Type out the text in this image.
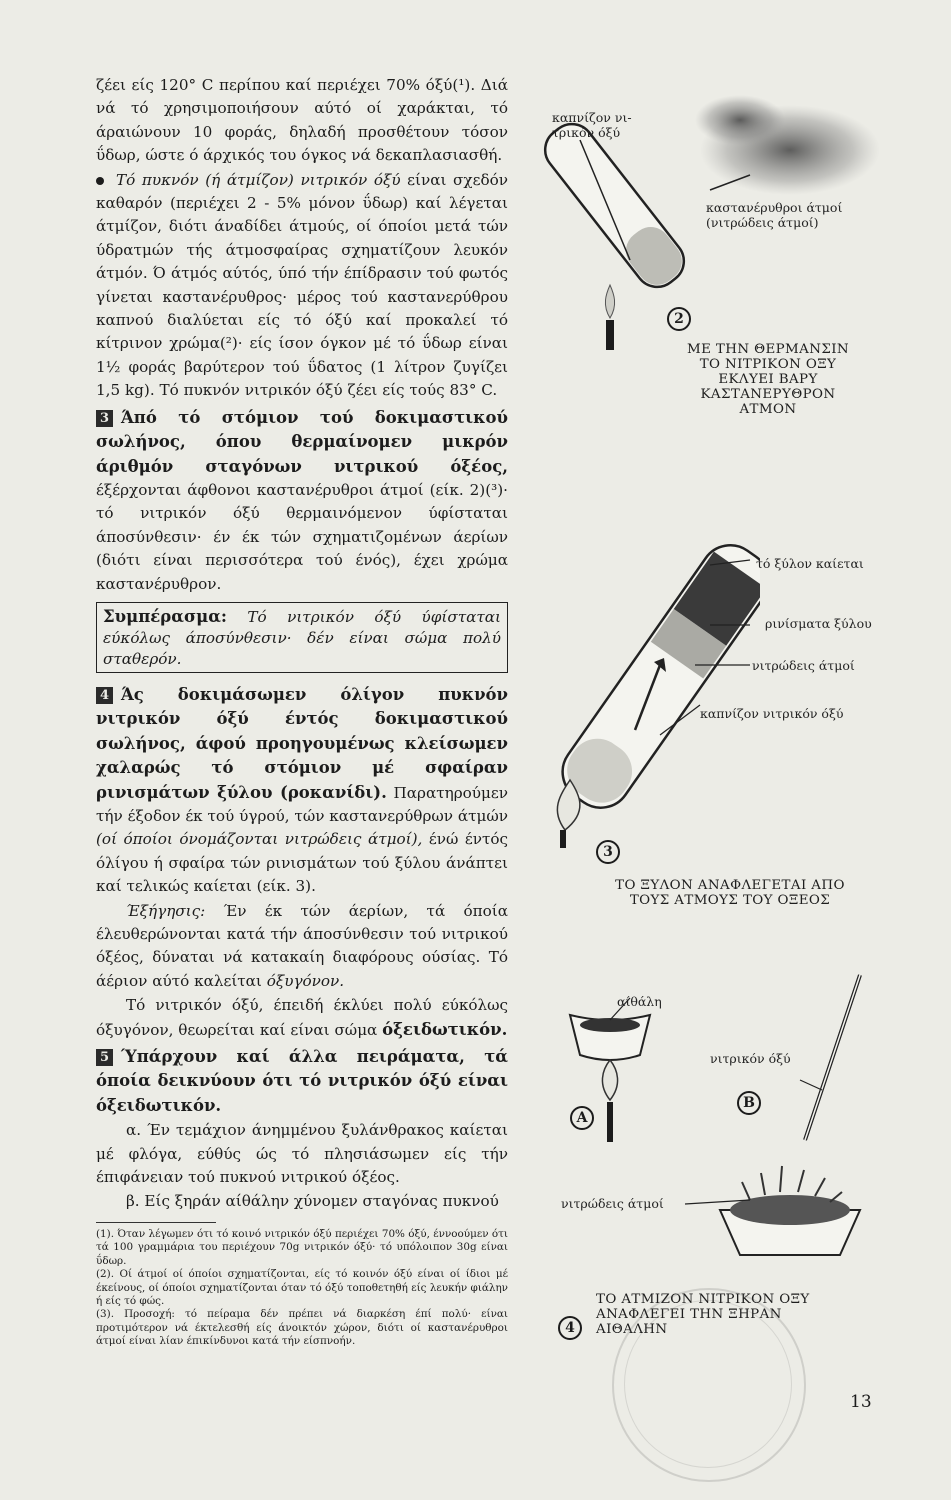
ζέει είς 120° C περίπου καί περιέχει 70% όξύ(¹). Διά νά τό χρησιμοποιήσουν αύτό οί χαράκται, τό άραιώνουν 10 φοράς, δηλαδή προσθέτουν τόσον ΰδωρ, ώστε ό άρχικός του όγκος νά δεκαπλασιασθή.

Τό πυκνόν (ή άτμίζον) νιτρικόν όξύ είναι σχεδόν καθαρόν (περιέχει 2 - 5% μόνον ΰδωρ) καί λέγεται άτμίζον, διότι άναδίδει άτμούς, οί όποίοι μετά τών ύδρατμών τής άτμοσφαίρας σχηματίζουν λευκόν άτμόν. Ό άτμός αύτός, ύπό τήν έπίδρασιν τού φωτός γίνεται καστανέρυθρος· μέρος τού καστανερύθρου καπνού διαλύεται είς τό όξύ καί προκαλεί τό κίτρινον χρώμα(²)· είς ίσον όγκον μέ τό ΰδωρ είναι 1½ φοράς βαρύτερον τού ΰδατος (1 λίτρον ζυγίζει 1,5 kg). Τό πυκνόν νιτρικόν όξύ ζέει είς τούς 83° C.

3 Άπό τό στόμιον τού δοκιμαστικού σωλήνος, όπου θερμαίνομεν μικρόν άριθμόν σταγόνων νιτρικού όξέος, έξέρχονται άφθονοι καστανέρυθροι άτμοί (είκ. 2)(³)· τό νιτρικόν όξύ θερμαινόμενον ύφίσταται άποσύνθεσιν· έν έκ τών σχηματιζομένων άερίων (διότι είναι περισσότερα τού ένός), έχει χρώμα καστανέρυθρον.

Συμπέρασμα: Τό νιτρικόν όξύ ύφίσταται εύκόλως άποσύνθεσιν· δέν είναι σώμα πολύ σταθερόν.

4 Άς δοκιμάσωμεν όλίγον πυκνόν νιτρικόν όξύ έντός δοκιμαστικού σωλήνος, άφού προηγουμένως κλείσωμεν χαλαρώς τό στόμιον μέ σφαίραν ρινισμάτων ξύλου (ροκανίδι). Παρατηρούμεν τήν έξοδον έκ τού ύγρού, τών καστανερύθρων άτμών (οί όποίοι όνομάζονται νιτρώδεις άτμοί), ένώ έντός όλίγου ή σφαίρα τών ρινισμάτων τού ξύλου άνάπτει καί τελικώς καίεται (είκ. 3).

Έξήγησις: Έν έκ τών άερίων, τά όποία έλευθερώνονται κατά τήν άποσύνθεσιν τού νιτρικού όξέος, δύναται νά κατακαίη διαφόρους ούσίας. Τό άέριον αύτό καλείται όξυγόνον.

Τό νιτρικόν όξύ, έπειδή έκλύει πολύ εύκόλως όξυγόνον, θεωρείται καί είναι σώμα όξειδωτικόν.

5 Ύπάρχουν καί άλλα πειράματα, τά όποία δεικνύουν ότι τό νιτρικόν όξύ είναι όξειδωτικόν.

α. Έν τεμάχιον άνημμένου ξυλάνθρακος καίεται μέ φλόγα, εύθύς ώς τό πλησιάσωμεν είς τήν έπιφάνειαν τού πυκνού νιτρικού όξέος.

β. Είς ξηράν αίθάλην χύνομεν σταγόνας πυκνού

(1). Όταν λέγωμεν ότι τό κοινό νιτρικόν όξύ περιέχει 70% όξύ, έννοούμεν ότι τά 100 γραμμάρια του περιέχουν 70g νιτρικόν όξύ· τό υπόλοιπον 30g είναι ΰδωρ.

(2). Οί άτμοί οί όποίοι σχηματίζονται, είς τό κοινόν όξύ είναι οί ίδιοι μέ έκείνους, οί όποίοι σχηματίζονται όταν τό όξύ τοποθετηθή είς λευκήν φιάλην ή είς τό φώς.

(3). Προσοχή: τό πείραμα δέν πρέπει νά διαρκέση έπί πολύ· είναι προτιμότερον νά έκτελεσθή είς άνοικτόν χώρον, διότι οί καστανέρυθροι άτμοί είναι λίαν έπικίνδυνοι κατά τήν είσπνοήν.

καπνίζον νι-
τρικόν όξύ
καστανέρυθροι άτμοί
(νιτρώδεις άτμοί)
2
ΜΕ ΤΗΝ ΘΕΡΜΑΝΣΙΝ
ΤΟ ΝΙΤΡΙΚΟΝ ΟΞΥ
ΕΚΛΥΕΙ ΒΑΡΥ
ΚΑΣΤΑΝΕΡΥΘΡΟΝ
ΑΤΜΟΝ
τό ξύλον καίεται
ρινίσματα ξύλου
νιτρώδεις άτμοί
καπνίζον νιτρικόν όξύ
3
ΤΟ ΞΥΛΟΝ ΑΝΑΦΛΕΓΕΤΑΙ ΑΠΟ
ΤΟΥΣ ΑΤΜΟΥΣ ΤΟΥ ΟΞΕΟΣ
αίθάλη
νιτρικόν όξύ
νιτρώδεις άτμοί
A
B
4
ΤΟ ΑΤΜΙΖΟΝ ΝΙΤΡΙΚΟΝ ΟΞΥ
ΑΝΑΦΛΕΓΕΙ ΤΗΝ ΞΗΡΑΝ
ΑΙΘΑΛΗΝ
13
